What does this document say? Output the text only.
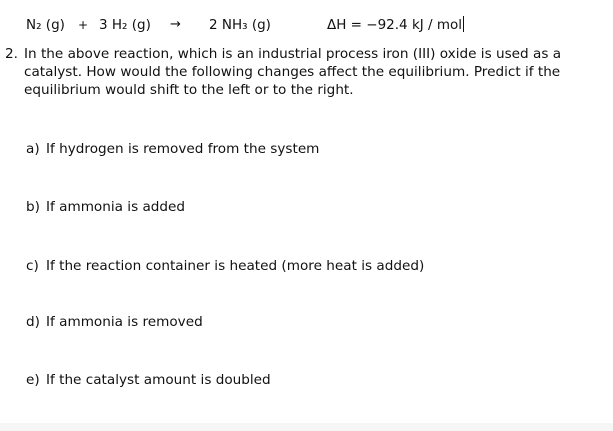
N₂ (g) + 3 H₂ (g) → 2 NH₃ (g)	ΔH = −92.4 kJ / mol
2. In the above reaction, which is an industrial process iron (III) oxide is used as a catalyst. How would the following changes affect the equilibrium. Predict if the equilibrium would shift to the left or to the right.
a) If hydrogen is removed from the system
b) If ammonia is added
c) If the reaction container is heated (more heat is added)
d) If ammonia is removed
e) If the catalyst amount is doubled
